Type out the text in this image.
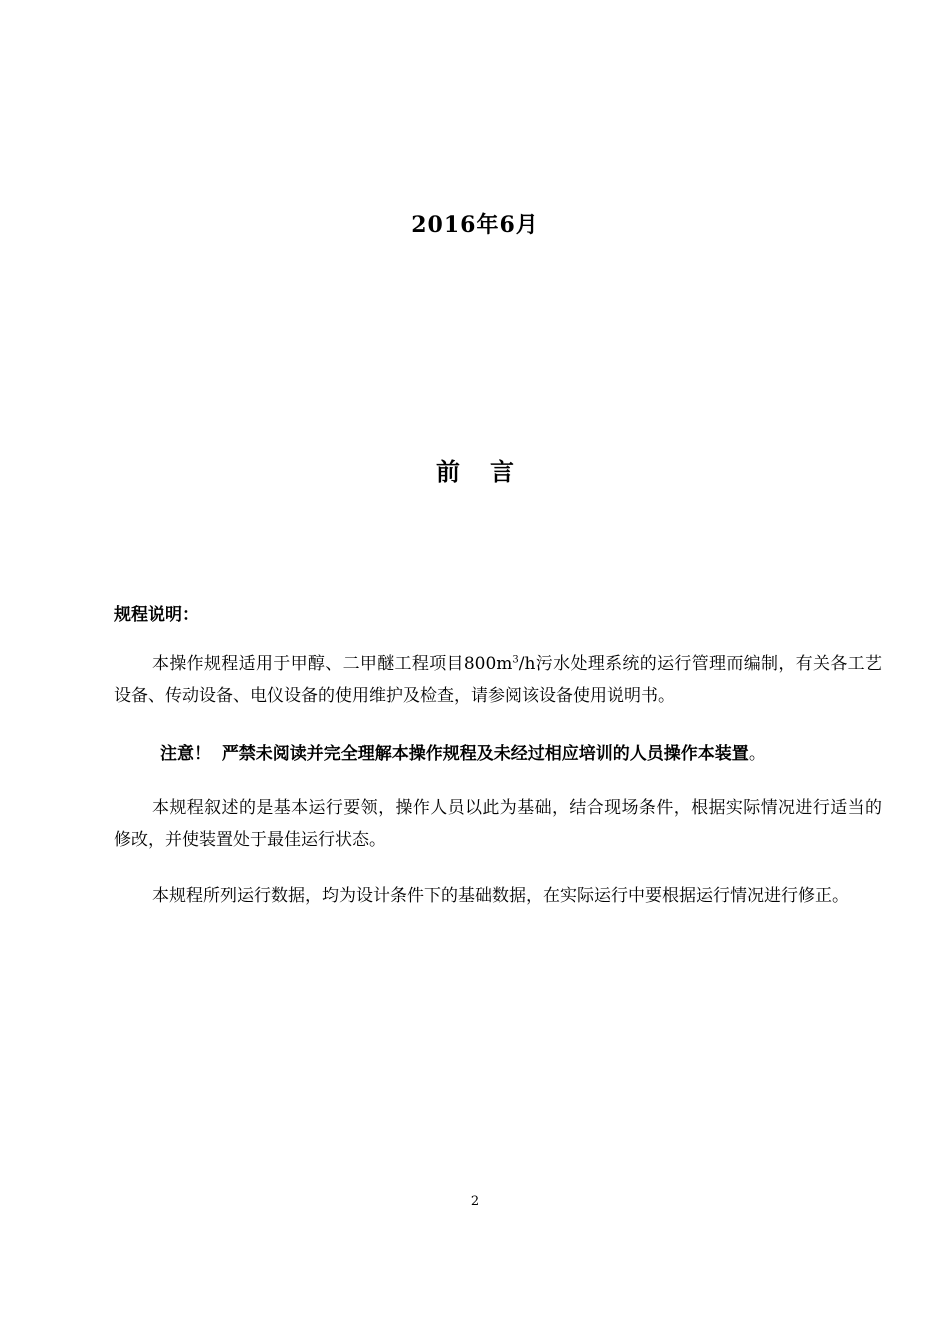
2016年6月
前言
规程说明：
本操作规程适用于甲醇、二甲醚工程项目$800m^3/h$污水处理系统的运行管理而编制，有关各工艺设备、传动设备、电仪设备的使用维护及检查，请参阅该设备使用说明书。
注意！ 严禁未阅读并完全理解本操作规程及未经过相应培训的人员操作本装置。
本规程叙述的是基本运行要领，操作人员以此为基础，结合现场条件，根据实际情况进行适当的修改，并使装置处于最佳运行状态。
本规程所列运行数据，均为设计条件下的基础数据，在实际运行中要根据运行情况进行修正。
2
